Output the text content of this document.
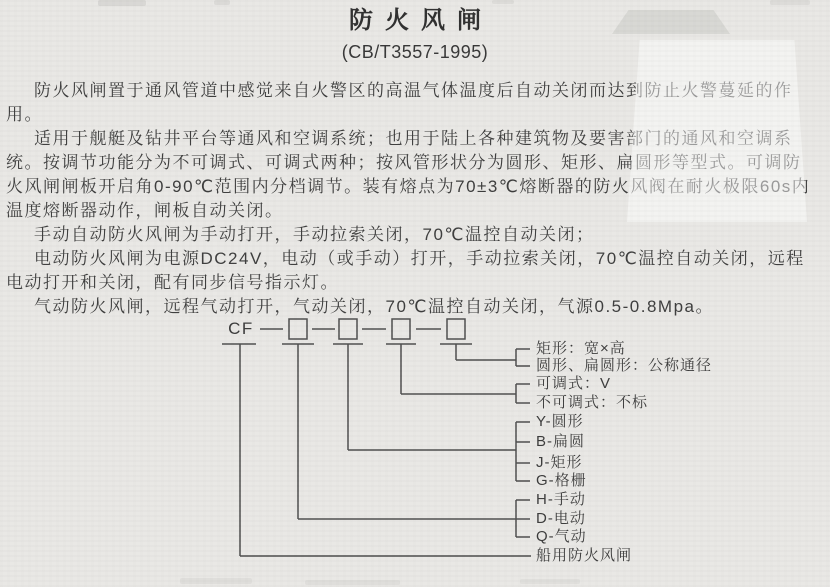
防火风闸
(CB/T3557-1995)
防火风闸置于通风管道中感觉来自火警区的高温气体温度后自动关闭而达到防止火警蔓延的作
用。
适用于舰艇及钻井平台等通风和空调系统；也用于陆上各种建筑物及要害部门的通风和空调系
统。按调节功能分为不可调式、可调式两种；按风管形状分为圆形、矩形、扁圆形等型式。可调防
火风闸闸板开启角0-90℃范围内分档调节。装有熔点为70±3℃熔断器的防火风阀在耐火极限60s内
温度熔断器动作，闸板自动关闭。
手动自动防火风闸为手动打开，手动拉索关闭，70℃温控自动关闭；
电动防火风闸为电源DC24V，电动（或手动）打开，手动拉索关闭，70℃温控自动关闭，远程
电动打开和关闭，配有同步信号指示灯。
气动防火风闸，远程气动打开，气动关闭，70℃温控自动关闭，气源0.5-0.8Mpa。
CF
矩形：宽×高
圆形、扁圆形：公称通径
可调式：V
不可调式：不标
Y-圆形
B-扁圆
J-矩形
G-格栅
H-手动
D-电动
Q-气动
船用防火风闸
